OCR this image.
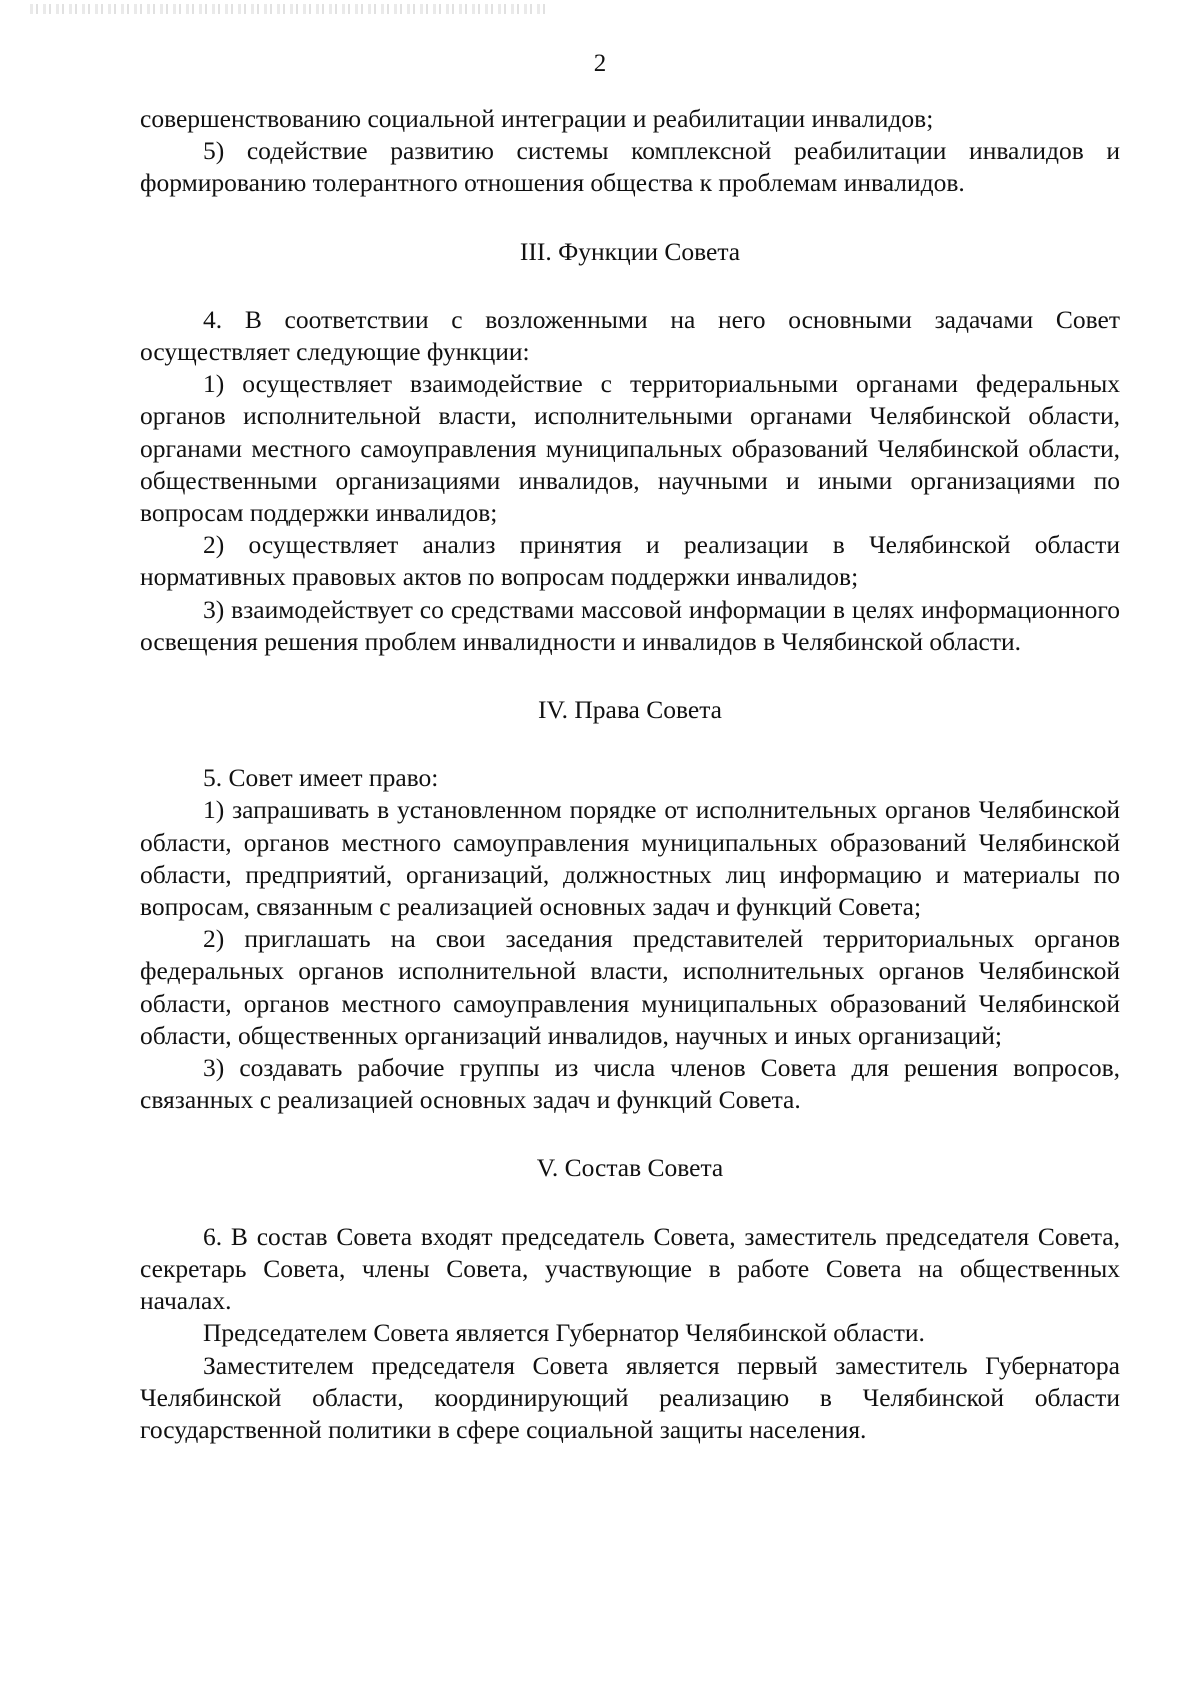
2

совершенствованию социальной интеграции и реабилитации инвалидов;

5) содействие развитию системы комплексной реабилитации инвалидов и формированию толерантного отношения общества к проблемам инвалидов.

III. Функции Совета

4. В соответствии с возложенными на него основными задачами Совет осуществляет следующие функции:

1) осуществляет взаимодействие с территориальными органами федеральных органов исполнительной власти, исполнительными органами Челябинской области, органами местного самоуправления муниципальных образований Челябинской области, общественными организациями инвалидов, научными и иными организациями по вопросам поддержки инвалидов;

2) осуществляет анализ принятия и реализации в Челябинской области нормативных правовых актов по вопросам поддержки инвалидов;

3) взаимодействует со средствами массовой информации в целях информационного освещения решения проблем инвалидности и инвалидов в Челябинской области.

IV. Права Совета

5. Совет имеет право:

1) запрашивать в установленном порядке от исполнительных органов Челябинской области, органов местного самоуправления муниципальных образований Челябинской области, предприятий, организаций, должностных лиц информацию и материалы по вопросам, связанным с реализацией основных задач и функций Совета;

2) приглашать на свои заседания представителей территориальных органов федеральных органов исполнительной власти, исполнительных органов Челябинской области, органов местного самоуправления муниципальных образований Челябинской области, общественных организаций инвалидов, научных и иных организаций;

3) создавать рабочие группы из числа членов Совета для решения вопросов, связанных с реализацией основных задач и функций Совета.

V. Состав Совета

6. В состав Совета входят председатель Совета, заместитель председателя Совета, секретарь Совета, члены Совета, участвующие в работе Совета на общественных началах.

Председателем Совета является Губернатор Челябинской области.

Заместителем председателя Совета является первый заместитель Губернатора Челябинской области, координирующий реализацию в Челябинской области государственной политики в сфере социальной защиты населения.
